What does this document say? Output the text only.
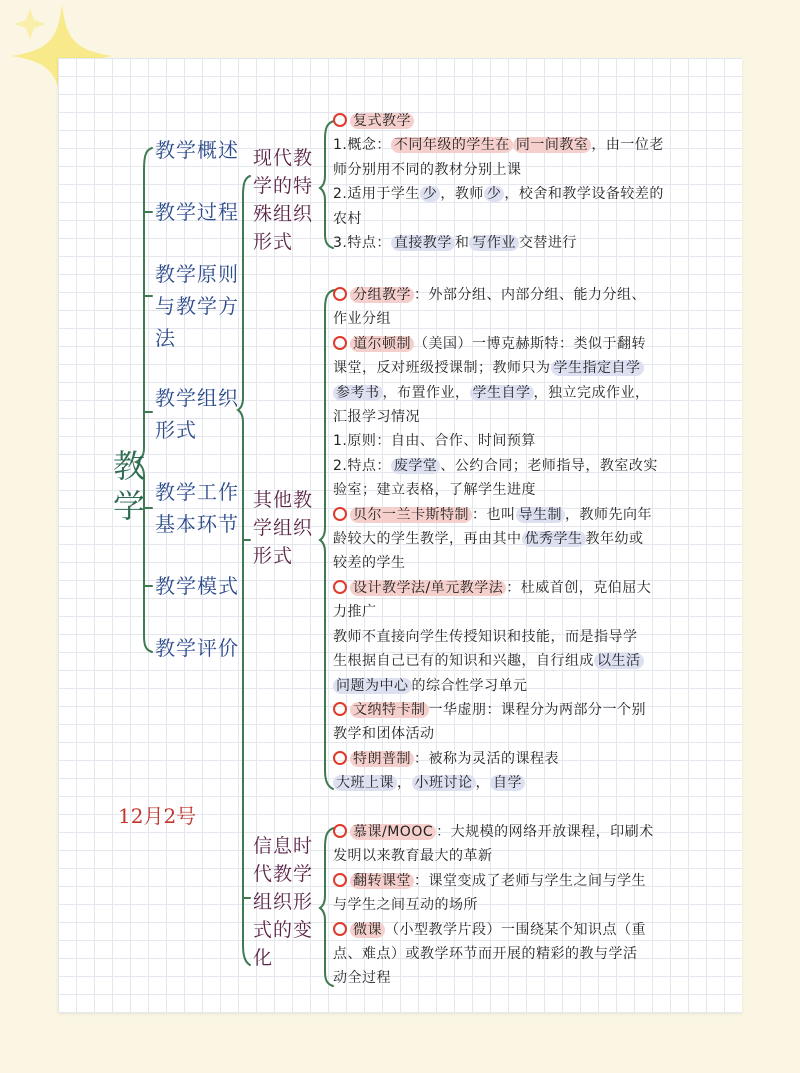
教学
教学概述
教学过程
教学原则与教学方法
教学组织形式
教学工作基本环节
教学模式
教学评价
现代教学的特殊组织形式
其他教学组织形式
信息时代教学组织形式的变化
12月2号
复式教学
1.概念： 不同年级的学生在 同一间教室 ，由一位老
师分别用不同的教材分别上课
2.适用于学生 少 ，教师 少 ，校舍和教学设备较差的
农村
3.特点： 直接教学 和 写作业 交替进行
分组教学 ：外部分组、内部分组、能力分组、
作业分组
道尔顿制 （美国）一博克赫斯特：类似于翻转
课堂，反对班级授课制；教师只为 学生指定自学
参考书 ，布置作业， 学生自学 ，独立完成作业，
汇报学习情况
1.原则：自由、合作、时间预算
2.特点： 废学堂 、公约合同；老师指导，教室改实
验室；建立表格，了解学生进度
贝尔一兰卡斯特制 ：也叫 导生制 ，教师先向年
龄较大的学生教学，再由其中 优秀学生 教年幼或
较差的学生
设计教学法/单元教学法 ：杜威首创，克伯屈大
力推广
教师不直接向学生传授知识和技能，而是指导学
生根据自己已有的知识和兴趣，自行组成 以生活
问题为中心 的综合性学习单元
文纳特卡制 一华虚朋：课程分为两部分一个别
教学和团体活动
特朗普制 ：被称为灵活的课程表
大班上课 ， 小班讨论 ， 自学
慕课/MOOC ：大规模的网络开放课程，印刷术
发明以来教育最大的革新
翻转课堂 ：课堂变成了老师与学生之间与学生
与学生之间互动的场所
微课 （小型教学片段）一围绕某个知识点（重
点、难点）或教学环节而开展的精彩的教与学活
动全过程
